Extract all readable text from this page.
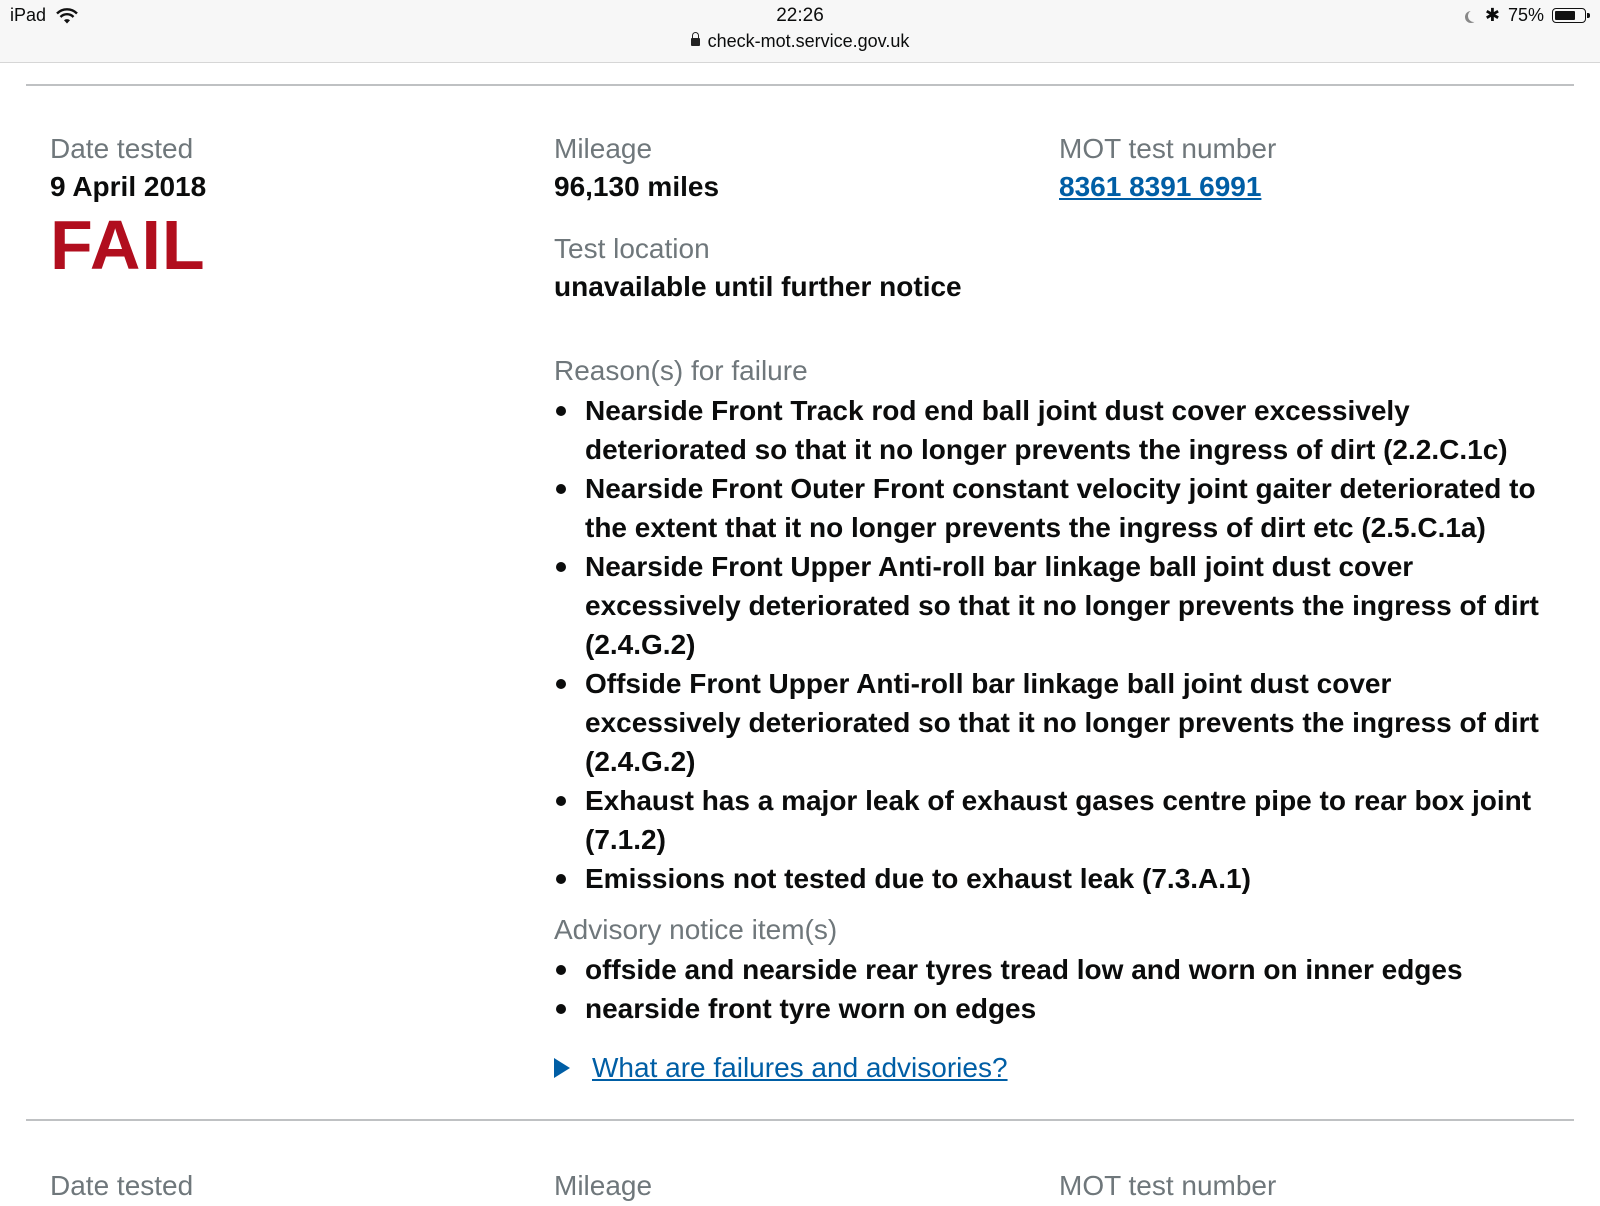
iPad	22:26
check-mot.service.gov.uk
✱ 75%
Date tested
9 April 2018
FAIL
Mileage
96,130 miles
Test location
unavailable until further notice
MOT test number
8361 8391 6991
Reason(s) for failure
Nearside Front Track rod end ball joint dust cover excessively deteriorated so that it no longer prevents the ingress of dirt (2.2.C.1c)
Nearside Front Outer Front constant velocity joint gaiter deteriorated to the extent that it no longer prevents the ingress of dirt etc (2.5.C.1a)
Nearside Front Upper Anti-roll bar linkage ball joint dust cover excessively deteriorated so that it no longer prevents the ingress of dirt (2.4.G.2)
Offside Front Upper Anti-roll bar linkage ball joint dust cover excessively deteriorated so that it no longer prevents the ingress of dirt (2.4.G.2)
Exhaust has a major leak of exhaust gases centre pipe to rear box joint (7.1.2)
Emissions not tested due to exhaust leak (7.3.A.1)
Advisory notice item(s)
offside and nearside rear tyres tread low and worn on inner edges
nearside front tyre worn on edges
What are failures and advisories?
Date tested	Mileage	MOT test number
